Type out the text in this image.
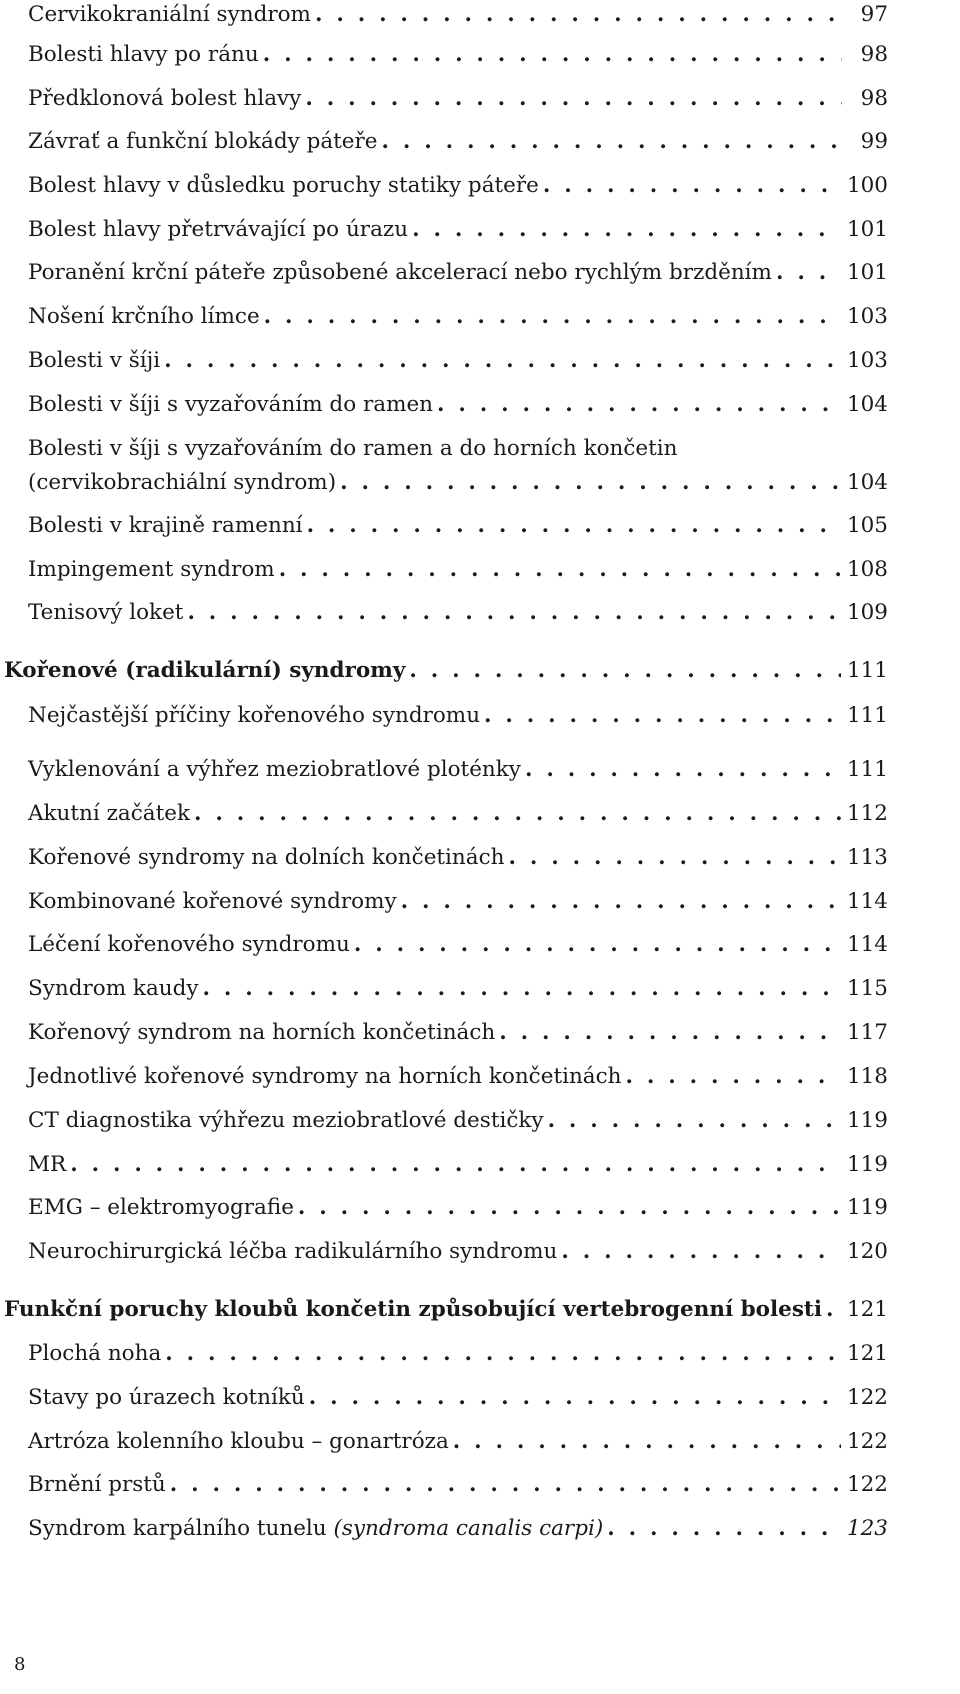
Cervikokraniální syndrom . . .	97
Bolesti hlavy po ránu . . .	98
Předklonová bolest hlavy . . .	98
Závrať a funkční blokády páteře . . .	99
Bolest hlavy v důsledku poruchy statiky páteře . . .	100
Bolest hlavy přetrvávající po úrazu . . .	101
Poranění krční páteře způsobené akcelerací nebo rychlým brzděním . . .	101
Nošení krčního límce . . .	103
Bolesti v šíji . . .	103
Bolesti v šíji s vyzařováním do ramen . . .	104
Bolesti v šíji s vyzařováním do ramen a do horních končetin
(cervikobrachiální syndrom) . . .	104
Bolesti v krajině ramenní . . .	105
Impingement syndrom . . .	108
Tenisový loket . . .	109
Kořenové (radikulární) syndromy . . .	111
Nejčastější příčiny kořenového syndromu . . .	111
Vyklenování a výhřez meziobratlové ploténky . . .	111
Akutní začátek . . .	112
Kořenové syndromy na dolních končetinách . . .	113
Kombinované kořenové syndromy . . .	114
Léčení kořenového syndromu . . .	114
Syndrom kaudy . . .	115
Kořenový syndrom na horních končetinách . . .	117
Jednotlivé kořenové syndromy na horních končetinách . . .	118
CT diagnostika výhřezu meziobratlové destičky . . .	119
MR . . .	119
EMG – elektromyografie . . .	119
Neurochirurgická léčba radikulárního syndromu . . .	120
Funkční poruchy kloubů končetin způsobující vertebrogenní bolesti . . . 121
Plochá noha . . .	121
Stavy po úrazech kotníků . . .	122
Artróza kolenního kloubu – gonartróza . . .	122
Brnění prstů . . .	122
Syndrom karpálního tunelu (syndroma canalis carpi) . . .	123
8
